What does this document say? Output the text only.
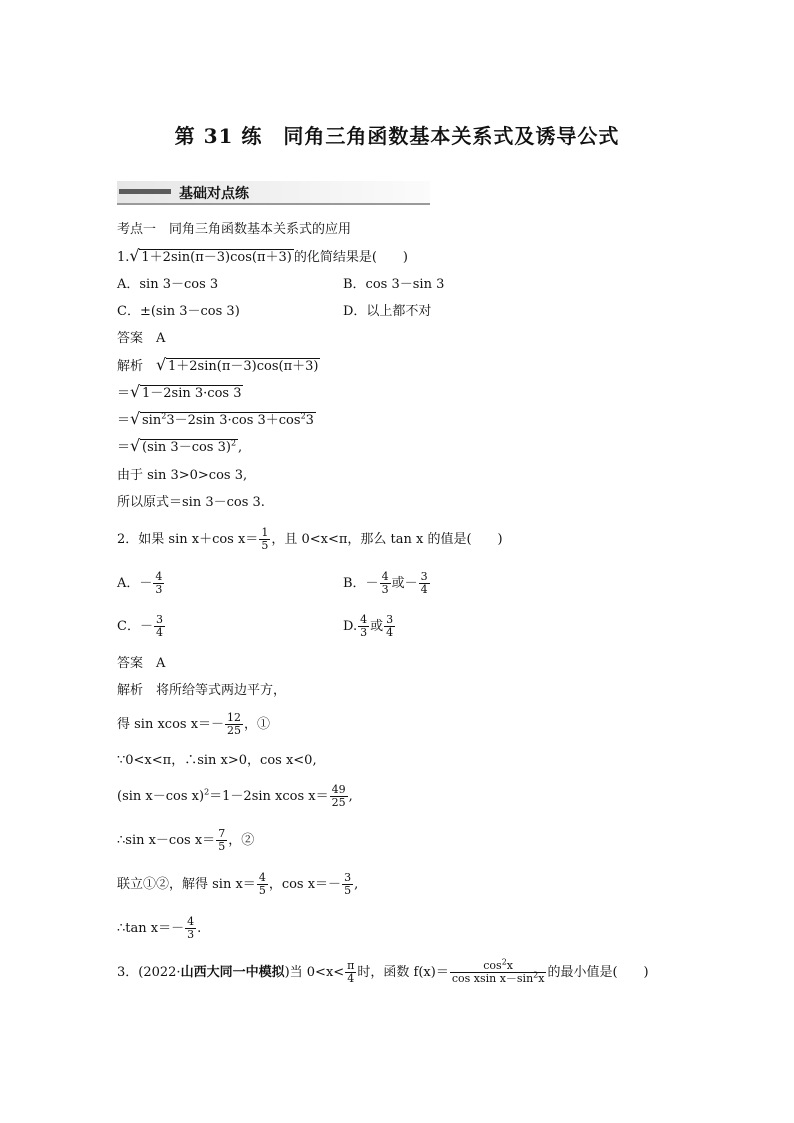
第 31 练　同角三角函数基本关系式及诱导公式
基础对点练
考点一　同角三角函数基本关系式的应用
1. √ 1＋2sin(π－3)cos(π＋3) 的化简结果是(　　)
A．sin 3－cos 3	B．cos 3－sin 3
C．±(sin 3－cos 3)	D．以上都不对
答案　A
解析　 √ 1＋2sin(π－3)cos(π＋3)
＝ √ 1－2sin 3·cos 3
＝ √ $\sin^23-2\sin$ 3·cos $3+\cos^23$
＝ √ (sin 3－cos 3)$^2$ ,
由于 sin 3>0>cos 3,
所以原式＝sin 3－cos 3.
2．如果 sin x＋cos $x= \frac{1}{5}$ ，且 0<x<π，那么 tan x 的值是(　　)
A．－ $\frac{4}{3}$	B．－ $\frac{4}{3}$ 或－ $\frac{3}{4}$
C．－ $\frac{3}{4}$	D. $\frac{4}{3}$ 或 $\frac{3}{4}$
答案　A
解析　将所给等式两边平方，
得 sin xcos $x=- \frac{12}{25}$ ，①
∵0<x<π，∴sin x>0，cos x<0,
(sin x－cos x)$^2$＝1－2sin xcos $x= \frac{49}{25}$ ,
∴sin x－cos $x= \frac{7}{5}$ ，②
联立①②，解得 $\sin x= \frac{4}{5}$ ，$\cos x=- \frac{3}{5}$ ,
∴tan $x=- \frac{4}{3}$ .
3．(2022·山西大同一中模拟)当 $0<x< \frac{\pi}{4}$ 时，函数 $f(x)= \frac{\cos^2x}{\cos xsin x-\sin^2x}$ 的最小值是(　　)
